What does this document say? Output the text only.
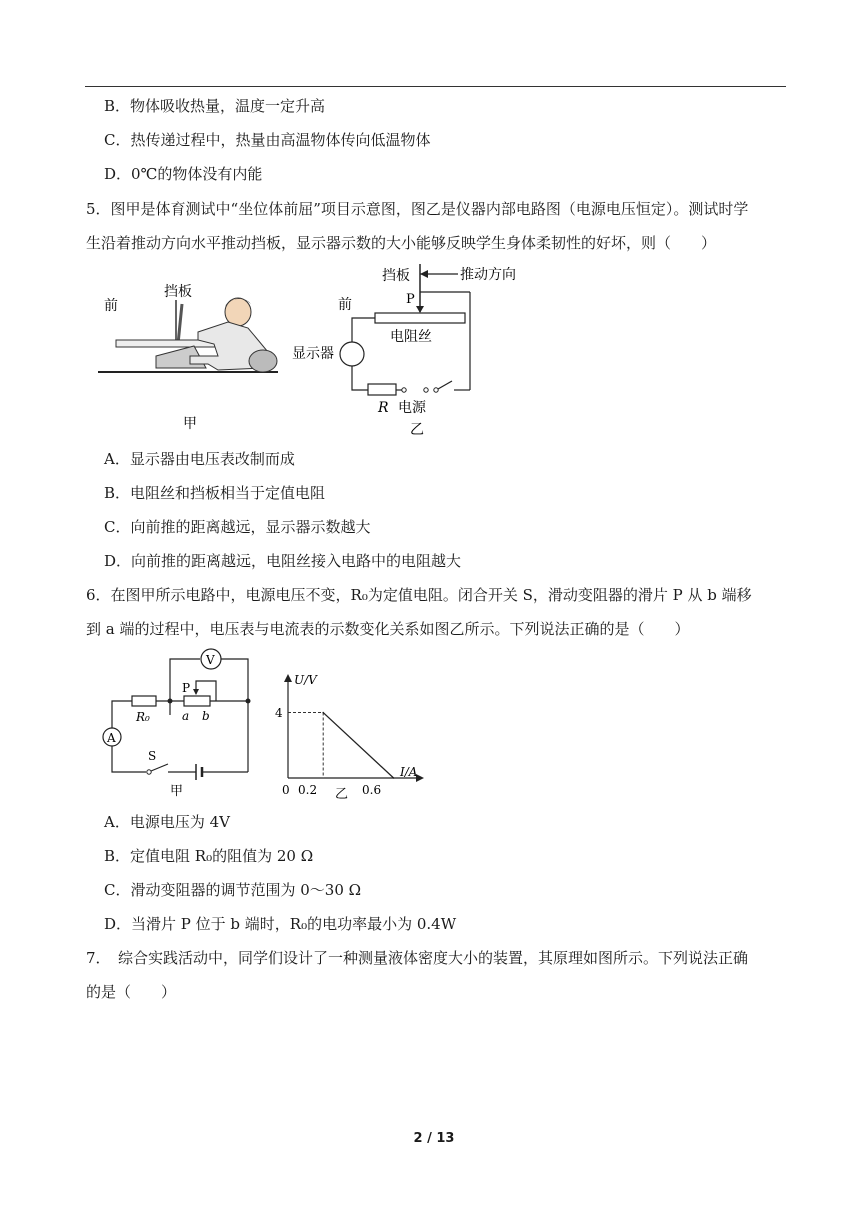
B．物体吸收热量，温度一定升高
C．热传递过程中，热量由高温物体传向低温物体
D．0℃的物体没有内能
5．图甲是体育测试中“坐位体前屈”项目示意图，图乙是仪器内部电路图（电源电压恒定）。测试时学
生沿着推动方向水平推动挡板，显示器示数的大小能够反映学生身体柔韧性的好坏，则（　　）
前
挡板
甲
挡板	推动方向
P
前
电阻丝
显示器
R 电源
乙
A．显示器由电压表改制而成
B．电阻丝和挡板相当于定值电阻
C．向前推的距离越远，显示器示数越大
D．向前推的距离越远，电阻丝接入电路中的电阻越大
6．在图甲所示电路中，电源电压不变，R₀为定值电阻。闭合开关 S，滑动变阻器的滑片 P 从 b 端移
到 a 端的过程中，电压表与电流表的示数变化关系如图乙所示。下列说法正确的是（　　）
V
R₀
P
a b
A
S
甲
U/V
I/A
0 0.2	0.6
4
乙
A．电源电压为 4V
B．定值电阻 R₀的阻值为 20 Ω
C．滑动变阻器的调节范围为 0～30 Ω
D．当滑片 P 位于 b 端时，R₀的电功率最小为 0.4W
7．　综合实践活动中，同学们设计了一种测量液体密度大小的装置，其原理如图所示。下列说法正确
的是（　　）
2 / 13
